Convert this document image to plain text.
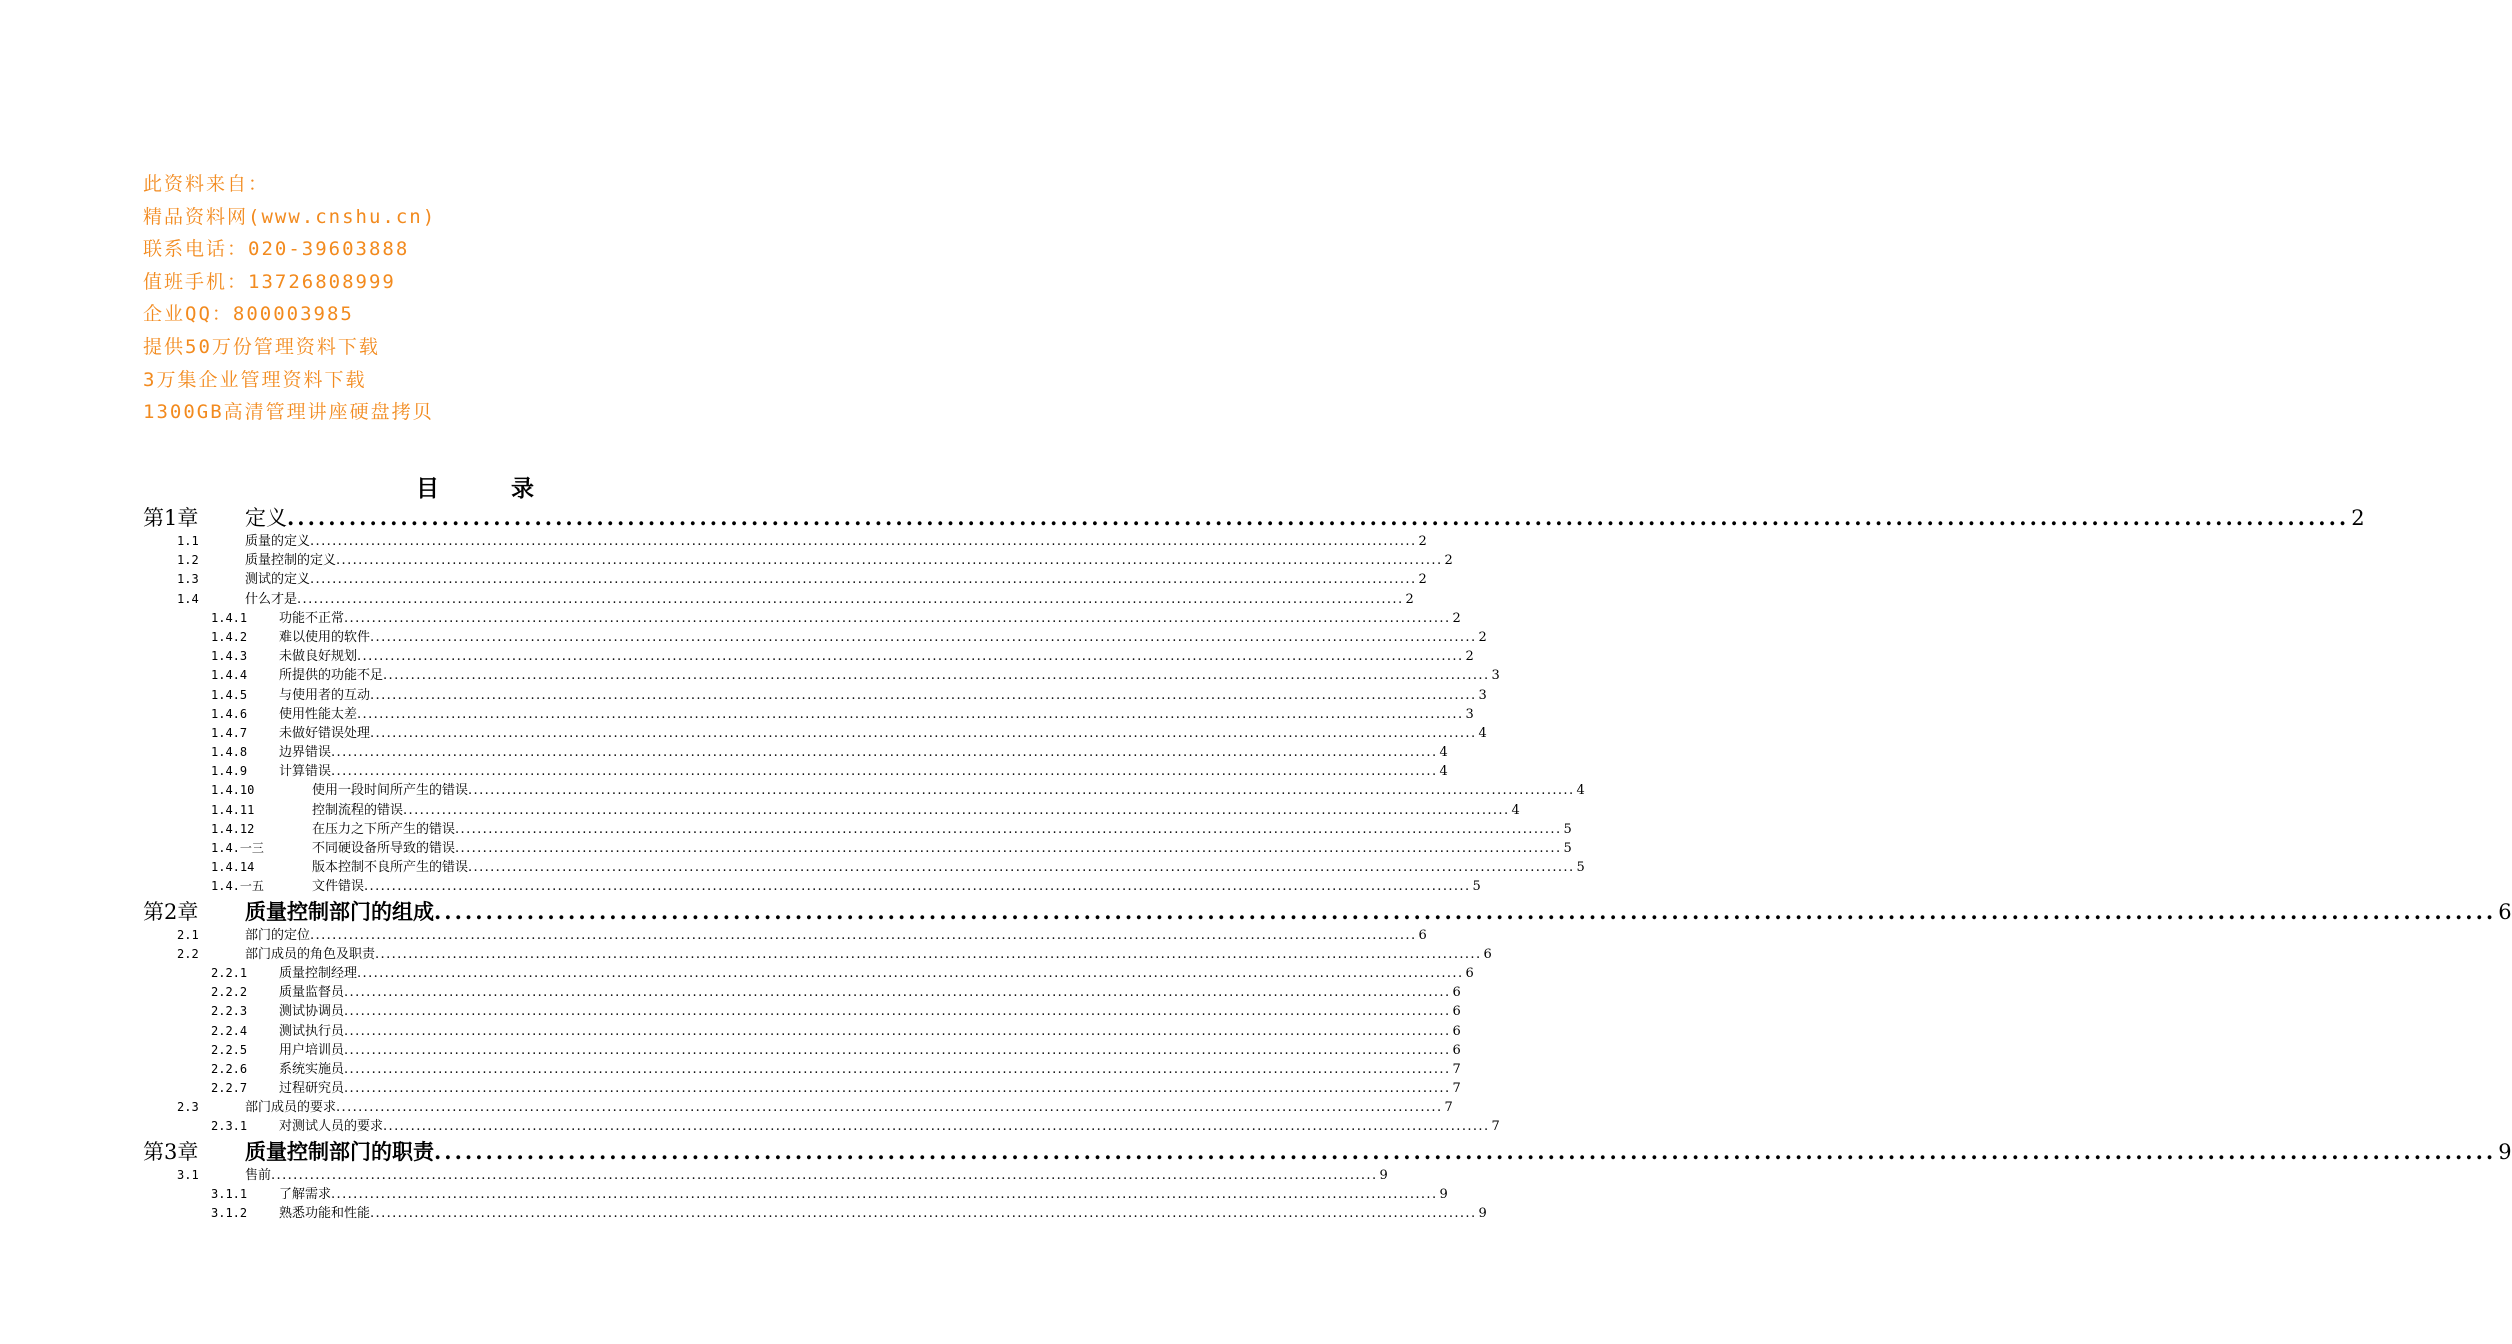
此资料来自：
精品资料网(www.cnshu.cn)
联系电话：020-39603888
值班手机：13726808999
企业QQ：800003985
提供50万份管理资料下载
3万集企业管理资料下载
1300GB高清管理讲座硬盘拷贝
目 录
第1章	定义 ........................................................................................................................................................................................................ 2
1.1	质量的定义 ........................................................................................................................................................................................................ 2
1.2	质量控制的定义 ........................................................................................................................................................................................................ 2
1.3	测试的定义 ........................................................................................................................................................................................................ 2
1.4	什么才是 ........................................................................................................................................................................................................ 2
1.4.1	功能不正常 ........................................................................................................................................................................................................ 2
1.4.2	难以使用的软件 ........................................................................................................................................................................................................ 2
1.4.3	未做良好规划 ........................................................................................................................................................................................................ 2
1.4.4	所提供的功能不足 ........................................................................................................................................................................................................ 3
1.4.5	与使用者的互动 ........................................................................................................................................................................................................ 3
1.4.6	使用性能太差 ........................................................................................................................................................................................................ 3
1.4.7	未做好错误处理 ........................................................................................................................................................................................................ 4
1.4.8	边界错误 ........................................................................................................................................................................................................ 4
1.4.9	计算错误 ........................................................................................................................................................................................................ 4
1.4.10	使用一段时间所产生的错误 ........................................................................................................................................................................................................ 4
1.4.11	控制流程的错误 ........................................................................................................................................................................................................ 4
1.4.12	在压力之下所产生的错误 ........................................................................................................................................................................................................ 5
1.4.一三	不同硬设备所导致的错误 ........................................................................................................................................................................................................ 5
1.4.14	版本控制不良所产生的错误 ........................................................................................................................................................................................................ 5
1.4.一五	文件错误 ........................................................................................................................................................................................................ 5
第2章	质量控制部门的组成 ........................................................................................................................................................................................................ 6
2.1	部门的定位 ........................................................................................................................................................................................................ 6
2.2	部门成员的角色及职责 ........................................................................................................................................................................................................ 6
2.2.1	质量控制经理 ........................................................................................................................................................................................................ 6
2.2.2	质量监督员 ........................................................................................................................................................................................................ 6
2.2.3	测试协调员 ........................................................................................................................................................................................................ 6
2.2.4	测试执行员 ........................................................................................................................................................................................................ 6
2.2.5	用户培训员 ........................................................................................................................................................................................................ 6
2.2.6	系统实施员 ........................................................................................................................................................................................................ 7
2.2.7	过程研究员 ........................................................................................................................................................................................................ 7
2.3	部门成员的要求 ........................................................................................................................................................................................................ 7
2.3.1	对测试人员的要求 ........................................................................................................................................................................................................ 7
第3章	质量控制部门的职责 ........................................................................................................................................................................................................ 9
3.1	售前 ........................................................................................................................................................................................................ 9
3.1.1	了解需求 ........................................................................................................................................................................................................ 9
3.1.2	熟悉功能和性能 ........................................................................................................................................................................................................ 9
